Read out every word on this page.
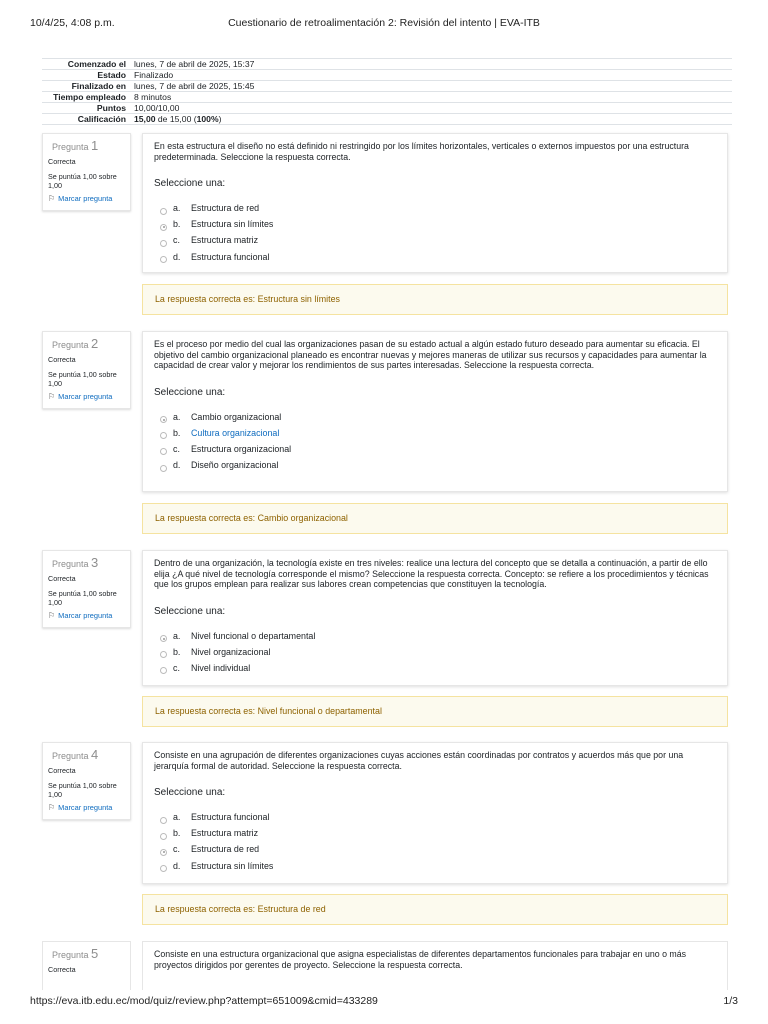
10/4/25, 4:08 p.m.	Cuestionario de retroalimentación 2: Revisión del intento | EVA-ITB
Comenzado el	lunes, 7 de abril de 2025, 15:37
Estado	Finalizado
Finalizado en	lunes, 7 de abril de 2025, 15:45
Tiempo empleado	8 minutos
Puntos	10,00/10,00
Calificación	15,00 de 15,00 (100%)
Pregunta 1
Correcta
Se puntúa 1,00 sobre 1,00
⚐ Marcar pregunta
En esta estructura el diseño no está definido ni restringido por los límites horizontales, verticales o externos impuestos por una estructura predeterminada. Seleccione la respuesta correcta.
Seleccione una:
a.	Estructura de red
b.	Estructura sin límites
c.	Estructura matriz
d.	Estructura funcional
La respuesta correcta es: Estructura sin límites
Pregunta 2
Correcta
Se puntúa 1,00 sobre 1,00
⚐ Marcar pregunta
Es el proceso por medio del cual las organizaciones pasan de su estado actual a algún estado futuro deseado para aumentar su eficacia. El objetivo del cambio organizacional planeado es encontrar nuevas y mejores maneras de utilizar sus recursos y capacidades para aumentar la capacidad de crear valor y mejorar los rendimientos de sus partes interesadas. Seleccione la respuesta correcta.
Seleccione una:
a.	Cambio organizacional
b.	Cultura organizacional
c.	Estructura organizacional
d.	Diseño organizacional
La respuesta correcta es: Cambio organizacional
Pregunta 3
Correcta
Se puntúa 1,00 sobre 1,00
⚐ Marcar pregunta
Dentro de una organización, la tecnología existe en tres niveles: realice una lectura del concepto que se detalla a continuación, a partir de ello elija ¿A qué nivel de tecnología corresponde el mismo? Seleccione la respuesta correcta. Concepto: se refiere a los procedimientos y técnicas que los grupos emplean para realizar sus labores crean competencias que constituyen la tecnología.
Seleccione una:
a.	Nivel funcional o departamental
b.	Nivel organizacional
c.	Nivel individual
La respuesta correcta es: Nivel funcional o departamental
Pregunta 4
Correcta
Se puntúa 1,00 sobre 1,00
⚐ Marcar pregunta
Consiste en una agrupación de diferentes organizaciones cuyas acciones están coordinadas por contratos y acuerdos más que por una jerarquía formal de autoridad. Seleccione la respuesta correcta.
Seleccione una:
a.	Estructura funcional
b.	Estructura matriz
c.	Estructura de red
d.	Estructura sin límites
La respuesta correcta es: Estructura de red
Pregunta 5
Correcta
Consiste en una estructura organizacional que asigna especialistas de diferentes departamentos funcionales para trabajar en uno o más proyectos dirigidos por gerentes de proyecto. Seleccione la respuesta correcta.
https://eva.itb.edu.ec/mod/quiz/review.php?attempt=651009&cmid=433289	1/3
